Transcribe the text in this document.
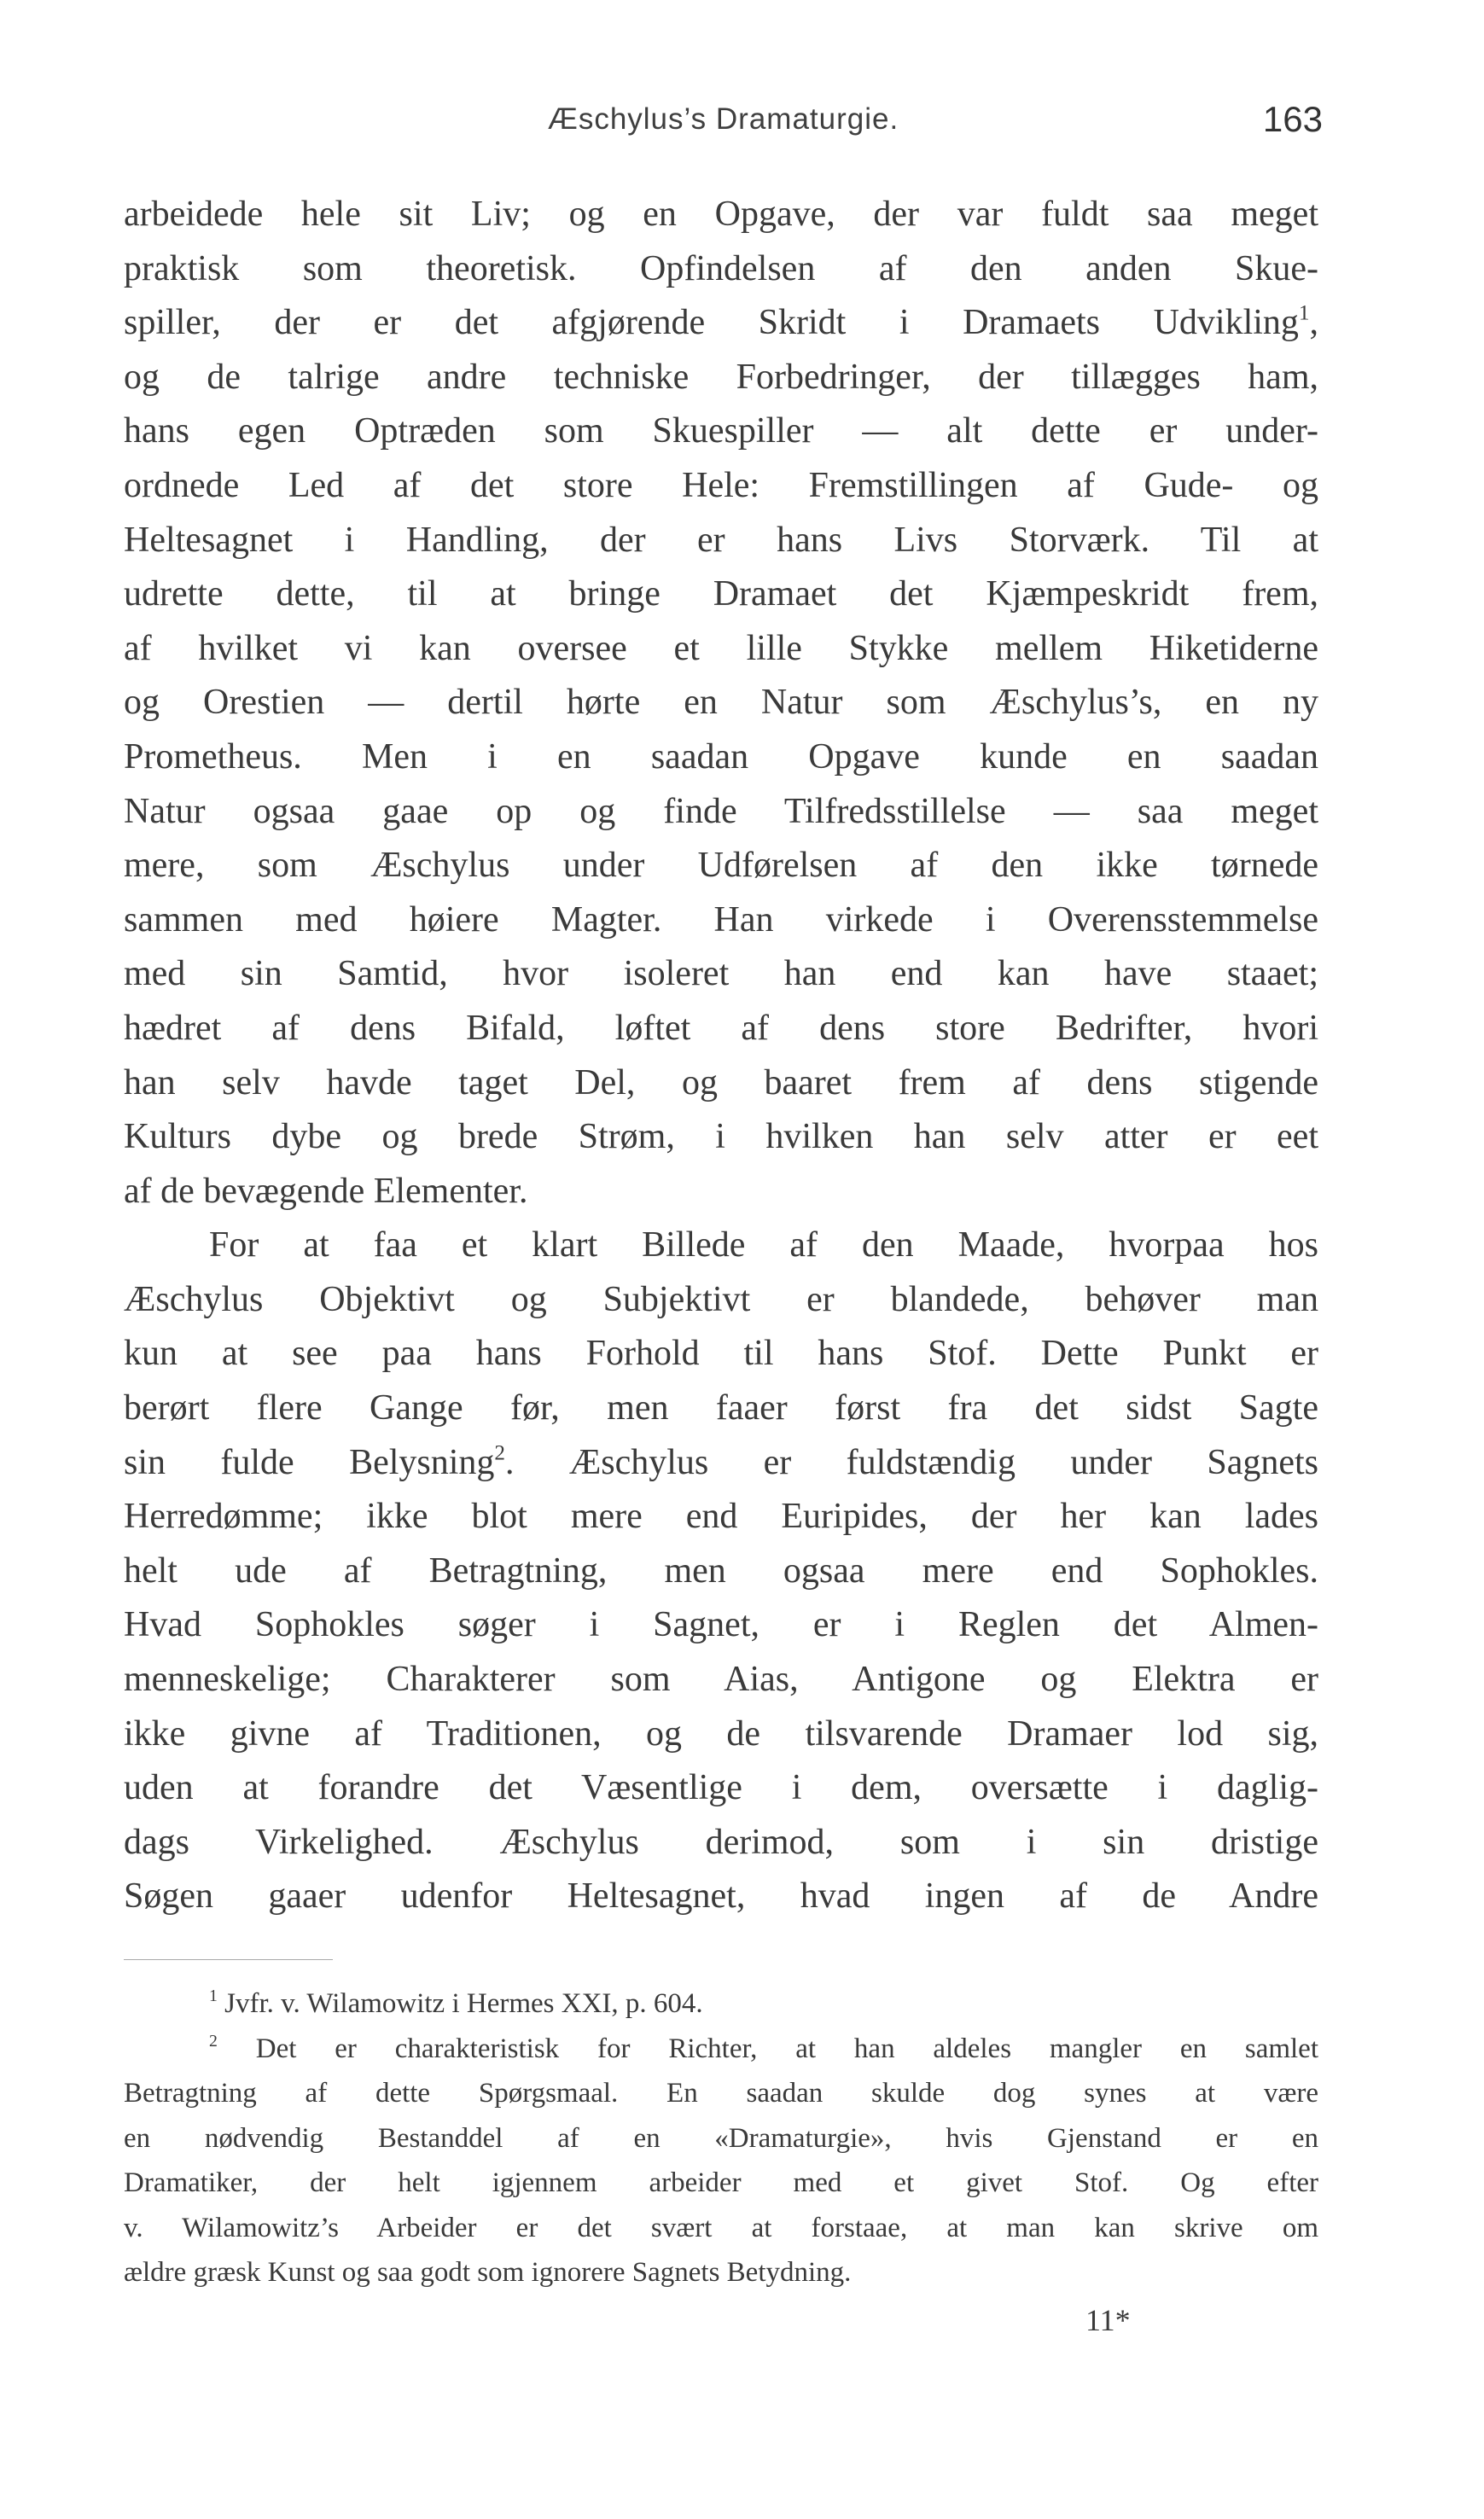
Æschylus’s Dramaturgie.	163
arbeidede hele sit Liv; og en Opgave, der var fuldt saa meget
praktisk som theoretisk. Opfindelsen af den anden Skue-
spiller, der er det afgjørende Skridt i Dramaets Udvikling$^1$,
og de talrige andre techniske Forbedringer, der tillægges ham,
hans egen Optræden som Skuespiller — alt dette er under-
ordnede Led af det store Hele: Fremstillingen af Gude- og
Heltesagnet i Handling, der er hans Livs Storværk. Til at
udrette dette, til at bringe Dramaet det Kjæmpeskridt frem,
af hvilket vi kan oversee et lille Stykke mellem Hiketiderne
og Orestien — dertil hørte en Natur som Æschylus’s, en ny
Prometheus. Men i en saadan Opgave kunde en saadan
Natur ogsaa gaae op og finde Tilfredsstillelse — saa meget
mere, som Æschylus under Udførelsen af den ikke tørnede
sammen med høiere Magter. Han virkede i Overensstemmelse
med sin Samtid, hvor isoleret han end kan have staaet;
hædret af dens Bifald, løftet af dens store Bedrifter, hvori
han selv havde taget Del, og baaret frem af dens stigende
Kulturs dybe og brede Strøm, i hvilken han selv atter er eet
af de bevægende Elementer.
For at faa et klart Billede af den Maade, hvorpaa hos
Æschylus Objektivt og Subjektivt er blandede, behøver man
kun at see paa hans Forhold til hans Stof. Dette Punkt er
berørt flere Gange før, men faaer først fra det sidst Sagte
sin fulde Belysning$^2$. Æschylus er fuldstændig under Sagnets
Herredømme; ikke blot mere end Euripides, der her kan lades
helt ude af Betragtning, men ogsaa mere end Sophokles.
Hvad Sophokles søger i Sagnet, er i Reglen det Almen-
menneskelige; Charakterer som Aias, Antigone og Elektra er
ikke givne af Traditionen, og de tilsvarende Dramaer lod sig,
uden at forandre det Væsentlige i dem, oversætte i daglig-
dags Virkelighed. Æschylus derimod, som i sin dristige
Søgen gaaer udenfor Heltesagnet, hvad ingen af de Andre
$^1$ Jvfr. v. Wilamowitz i Hermes XXI, p. 604.
$^2$ Det er charakteristisk for Richter, at han aldeles mangler en samlet
Betragtning af dette Spørgsmaal. En saadan skulde dog synes at være
en nødvendig Bestanddel af en «Dramaturgie», hvis Gjenstand er en
Dramatiker, der helt igjennem arbeider med et givet Stof. Og efter
v. Wilamowitz’s Arbeider er det svært at forstaae, at man kan skrive om
ældre græsk Kunst og saa godt som ignorere Sagnets Betydning.
11*
